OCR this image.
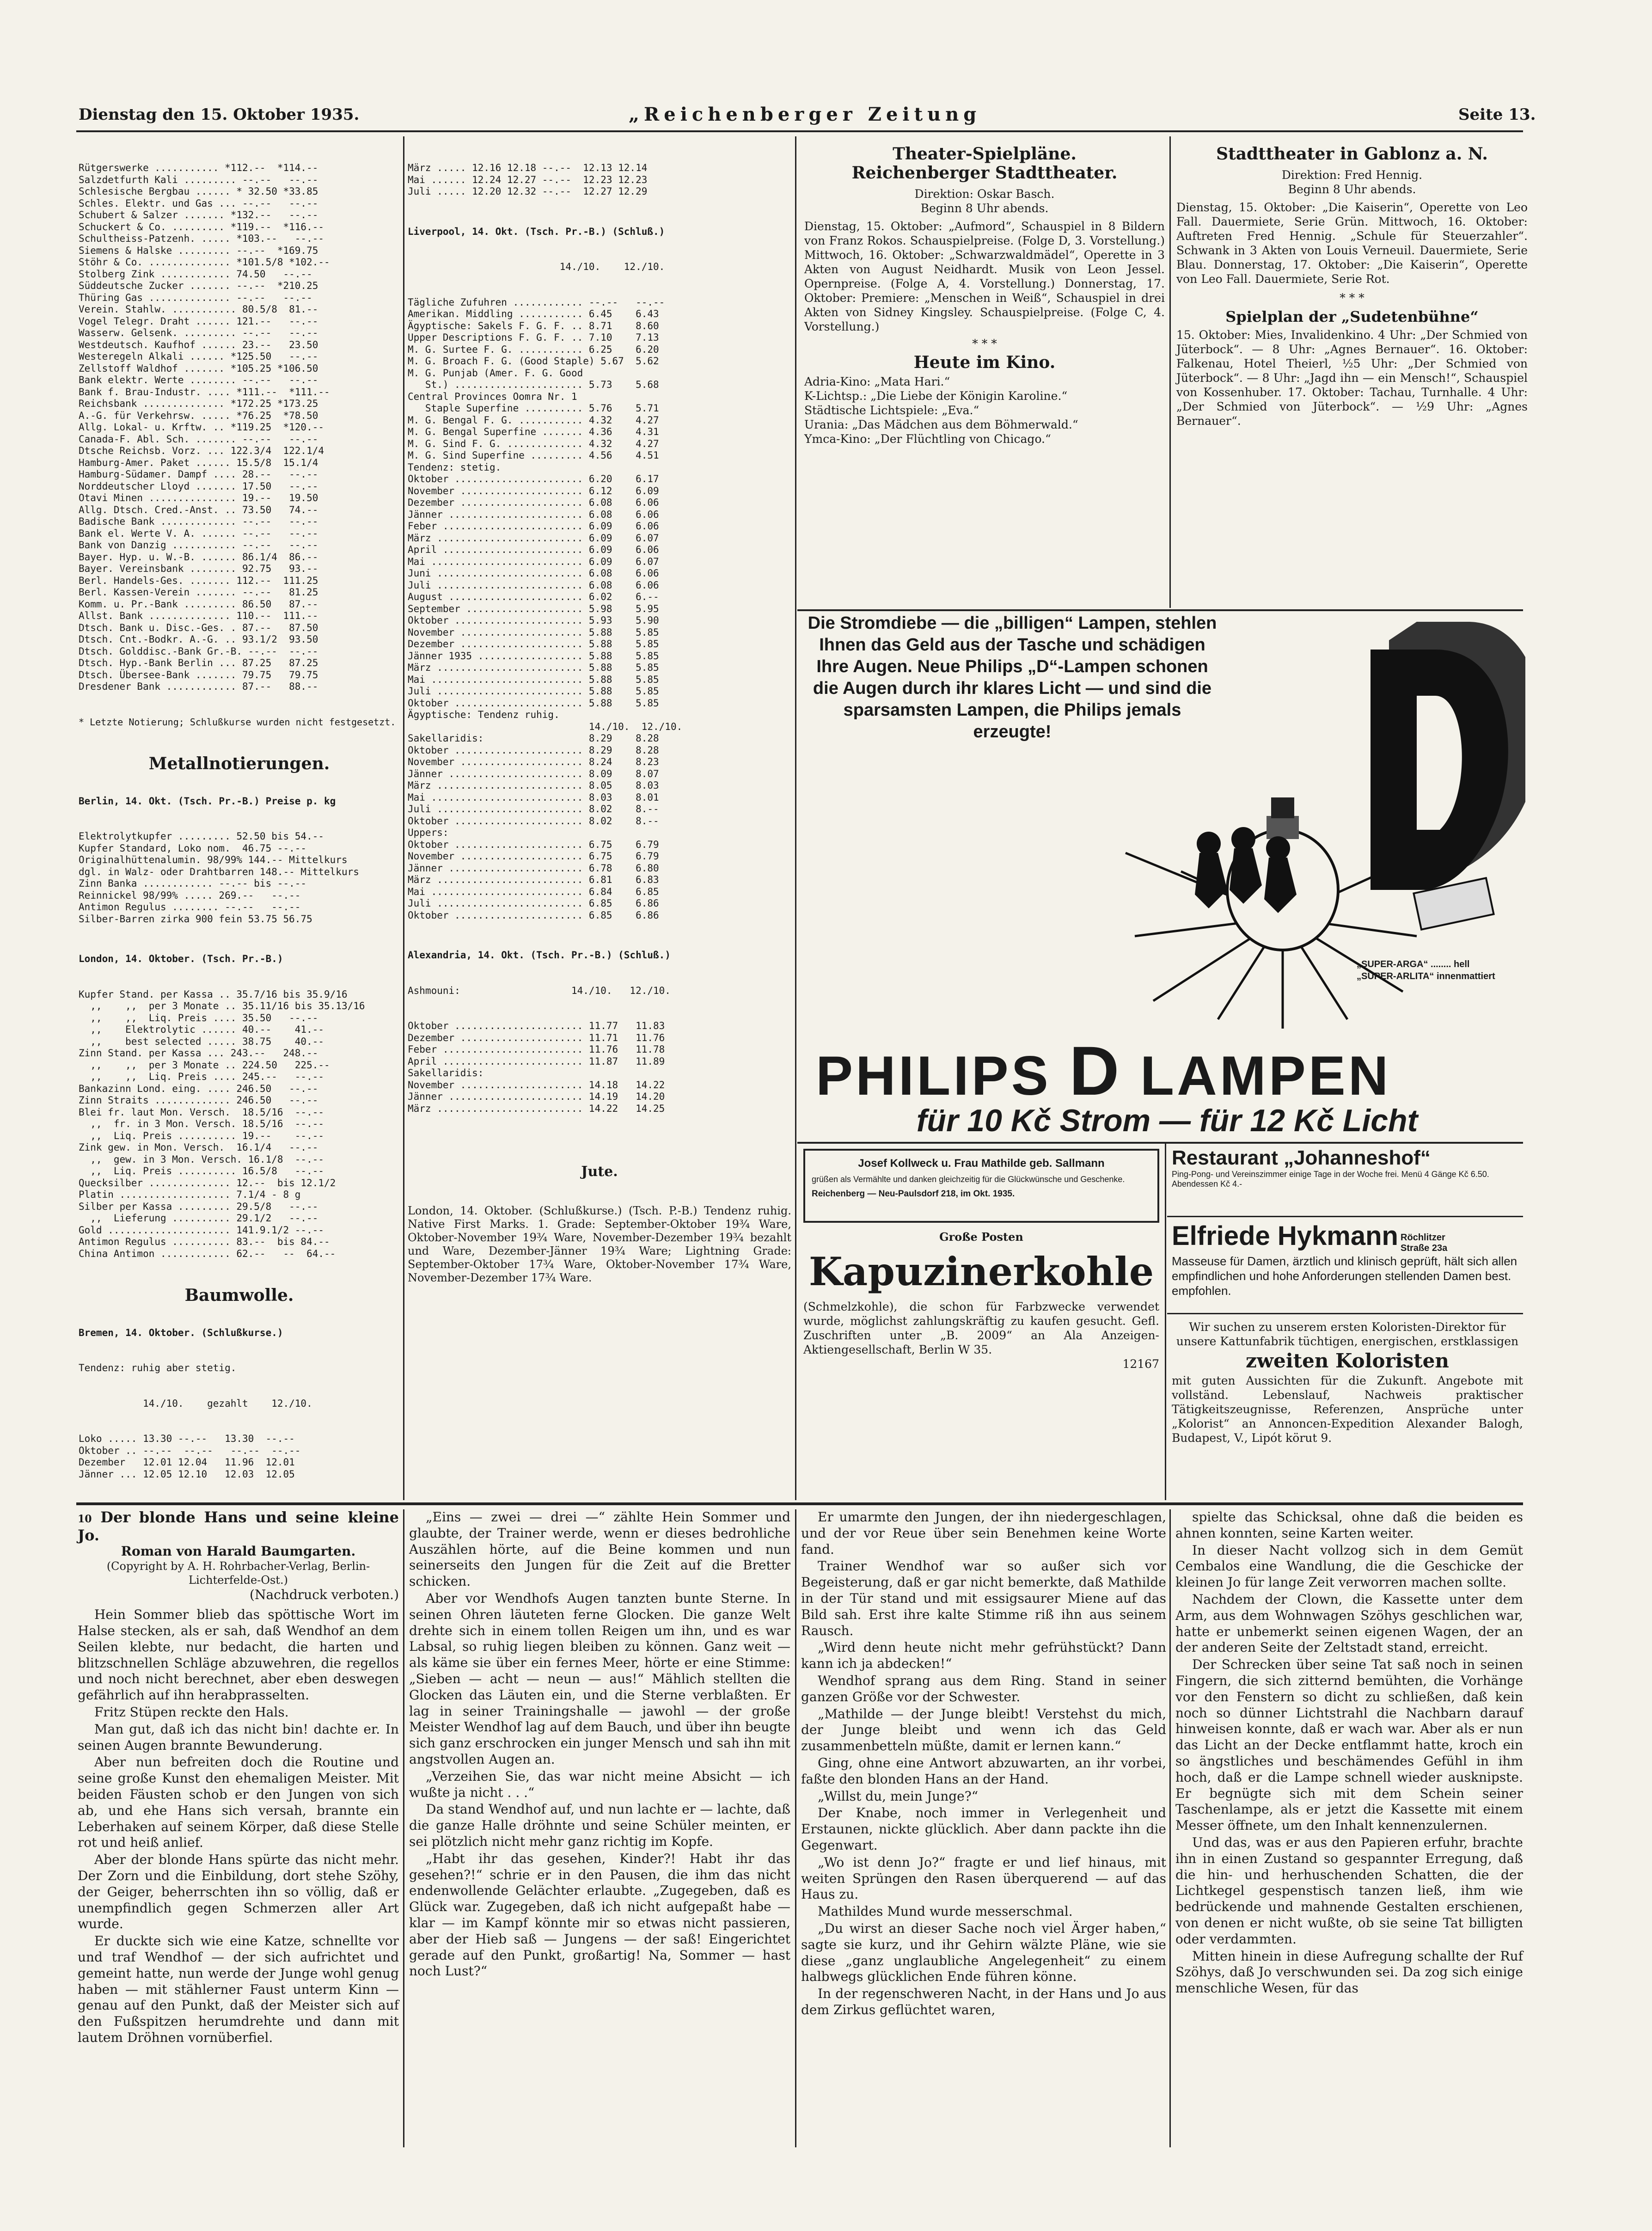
Dienstag den 15. Oktober 1935.	„Reichenberger Zeitung	Seite 13.

Rütgerswerke ........... *112.--  *114.--
Salzdetfurth Kali ......... --.--   --.--
Schlesische Bergbau ...... * 32.50 *33.85
Schles. Elektr. und Gas ... --.--   --.--
Schubert & Salzer ....... *132.--   --.--
Schuckert & Co. ......... *119.--  *116.--
Schultheiss-Patzenh. ..... *103.--   --.--
Siemens & Halske ......... --.--  *169.75
Stöhr & Co. .............. *101.5/8 *102.--
Stolberg Zink ............ 74.50   --.--
Süddeutsche Zucker ....... --.--  *210.25
Thüring Gas .............. --.--   --.--
Verein. Stahlw. ........... 80.5/8  81.--
Vogel Telegr. Draht ...... 121.--   --.--
Wasserw. Gelsenk. ......... --.--   --.--
Westdeutsch. Kaufhof ...... 23.--   23.50
Westeregeln Alkali ...... *125.50   --.--
Zellstoff Waldhof ....... *105.25 *106.50
Bank elektr. Werte ........ --.--   --.--
Bank f. Brau-Industr. .... *111.--  *111.--
Reichsbank .............. *172.25 *173.25
A.-G. für Verkehrsw. ..... *76.25  *78.50
Allg. Lokal- u. Krftw. .. *119.25  *120.--
Canada-F. Abl. Sch. ....... --.--   --.--
Dtsche Reichsb. Vorz. ... 122.3/4  122.1/4
Hamburg-Amer. Paket ...... 15.5/8  15.1/4
Hamburg-Südamer. Dampf .... 28.--   --.--
Norddeutscher Lloyd ....... 17.50   --.--
Otavi Minen ............... 19.--   19.50
Allg. Dtsch. Cred.-Anst. .. 73.50   74.--
Badische Bank ............. --.--   --.--
Bank el. Werte V. A. ...... --.--   --.--
Bank von Danzig ........... --.--   --.--
Bayer. Hyp. u. W.-B. ...... 86.1/4  86.--
Bayer. Vereinsbank ........ 92.75   93.--
Berl. Handels-Ges. ....... 112.--  111.25
Berl. Kassen-Verein ....... --.--   81.25
Komm. u. Pr.-Bank ......... 86.50   87.--
Allst. Bank .............. 110.--  111.--
Dtsch. Bank u. Disc.-Ges. . 87.--   87.50
Dtsch. Cnt.-Bodkr. A.-G. .. 93.1/2  93.50
Dtsch. Golddisc.-Bank Gr.-B. --.--  --.--
Dtsch. Hyp.-Bank Berlin ... 87.25   87.25
Dtsch. Übersee-Bank ....... 79.75   79.75
Dresdener Bank ............ 87.--   88.--

* Letzte Notierung; Schlußkurse wurden nicht festgesetzt.

Metallnotierungen.

Berlin, 14. Okt. (Tsch. Pr.-B.) Preise p. kg

Elektrolytkupfer ......... 52.50 bis 54.--
Kupfer Standard, Loko nom.  46.75 --.--
Originalhüttenalumin. 98/99% 144.-- Mittelkurs
dgl. in Walz- oder Drahtbarren 148.-- Mittelkurs
Zinn Banka ............ --.-- bis --.--
Reinnickel 98/99% ..... 269.--   --.--
Antimon Regulus ........ --.--   --.--
Silber-Barren zirka 900 fein 53.75 56.75

London, 14. Oktober. (Tsch. Pr.-B.)

Kupfer Stand. per Kassa .. 35.7/16 bis 35.9/16
,,    ,,  per 3 Monate .. 35.11/16 bis 35.13/16
,,    ,,  Liq. Preis .... 35.50   --.--
,,    Elektrolytic ...... 40.--    41.--
,,    best selected ..... 38.75    40.--
Zinn Stand. per Kassa ... 243.--   248.--
,,    ,,  per 3 Monate .. 224.50   225.--
,,    ,,  Liq. Preis .... 245.--   --.--
Bankazinn Lond. eing. .... 246.50   --.--
Zinn Straits ............. 246.50   --.--
Blei fr. laut Mon. Versch.  18.5/16  --.--
,,  fr. in 3 Mon. Versch. 18.5/16  --.--
,,  Liq. Preis .......... 19.--    --.--
Zink gew. in Mon. Versch.  16.1/4   --.--
,,  gew. in 3 Mon. Versch. 16.1/8  --.--
,,  Liq. Preis .......... 16.5/8   --.--
Quecksilber .............. 12.--  bis 12.1/2
Platin ................... 7.1/4 - 8 g
Silber per Kassa ......... 29.5/8   --.--
,,  Lieferung .......... 29.1/2   --.--
Gold ..................... 141.9.1/2 --.--
Antimon Regulus .......... 83.--  bis 84.--
China Antimon ............ 62.--   --  64.--

Baumwolle.

Bremen, 14. Oktober. (Schlußkurse.)

Tendenz: ruhig aber stetig.

14./10.    gezahlt    12./10.

Loko ..... 13.30 --.--   13.30  --.--
Oktober .. --.--  --.--   --.--  --.--
Dezember   12.01 12.04   11.96  12.01
Jänner ... 12.05 12.10   12.03  12.05

März ..... 12.16 12.18 --.--  12.13 12.14
Mai ...... 12.24 12.27 --.--  12.23 12.23
Juli ..... 12.20 12.32 --.--  12.27 12.29

Liverpool, 14. Okt. (Tsch. Pr.-B.) (Schluß.)

14./10.    12./10.

Tägliche Zufuhren ............ --.--   --.--
Amerikan. Middling ........... 6.45    6.43
Ägyptische: Sakels F. G. F. .. 8.71    8.60
Upper Descriptions F. G. F. .. 7.10    7.13
M. G. Surtee F. G. ........... 6.25    6.20
M. G. Broach F. G. (Good Staple) 5.67  5.62
M. G. Punjab (Amer. F. G. Good
St.) ...................... 5.73    5.68
Central Provinces Oomra Nr. 1
Staple Superfine .......... 5.76    5.71
M. G. Bengal F. G. ........... 4.32    4.27
M. G. Bengal Superfine ....... 4.36    4.31
M. G. Sind F. G. ............. 4.32    4.27
M. G. Sind Superfine ......... 4.56    4.51
Tendenz: stetig.
Oktober ...................... 6.20    6.17
November ..................... 6.12    6.09
Dezember ..................... 6.08    6.06
Jänner ....................... 6.08    6.06
Feber ........................ 6.09    6.06
März ......................... 6.09    6.07
April ........................ 6.09    6.06
Mai .......................... 6.09    6.07
Juni ......................... 6.08    6.06
Juli ......................... 6.08    6.06
August ....................... 6.02    6.--
September .................... 5.98    5.95
Oktober ...................... 5.93    5.90
November ..................... 5.88    5.85
Dezember ..................... 5.88    5.85
Jänner 1935 .................. 5.88    5.85
März ......................... 5.88    5.85
Mai .......................... 5.88    5.85
Juli ......................... 5.88    5.85
Oktober ...................... 5.88    5.85
Ägyptische: Tendenz ruhig.
14./10.  12./10.
Sakellaridis:                  8.29    8.28
Oktober ...................... 8.29    8.28
November ..................... 8.24    8.23
Jänner ....................... 8.09    8.07
März ......................... 8.05    8.03
Mai .......................... 8.03    8.01
Juli ......................... 8.02    8.--
Oktober ...................... 8.02    8.--
Uppers:
Oktober ...................... 6.75    6.79
November ..................... 6.75    6.79
Jänner ....................... 6.78    6.80
März ......................... 6.81    6.83
Mai .......................... 6.84    6.85
Juli ......................... 6.85    6.86
Oktober ...................... 6.85    6.86

Alexandria, 14. Okt. (Tsch. Pr.-B.) (Schluß.)

Ashmouni:                   14./10.   12./10.

Oktober ...................... 11.77   11.83
Dezember ..................... 11.71   11.76
Feber ........................ 11.76   11.78
April ........................ 11.87   11.89
Sakellaridis:
November ..................... 14.18   14.22
Jänner ....................... 14.19   14.20
März ......................... 14.22   14.25

Jute.

London, 14. Oktober. (Schlußkurse.) (Tsch. P.-B.) Tendenz ruhig. Native First Marks. 1. Grade: September-Oktober 19¾ Ware, Oktober-November 19¾ Ware, November-Dezember 19¾ bezahlt und Ware, Dezember-Jänner 19¾ Ware; Lightning Grade: September-Oktober 17¾ Ware, Oktober-November 17¾ Ware, November-Dezember 17¾ Ware.

Theater-Spielpläne.
Reichenberger Stadttheater.
Direktion: Oskar Basch.
Beginn 8 Uhr abends.
Dienstag, 15. Oktober: „Aufmord“, Schauspiel in 8 Bildern von Franz Rokos. Schauspielpreise. (Folge D, 3. Vorstellung.) Mittwoch, 16. Oktober: „Schwarzwaldmädel“, Operette in 3 Akten von August Neidhardt. Musik von Leon Jessel. Opernpreise. (Folge A, 4. Vorstellung.) Donnerstag, 17. Oktober: Premiere: „Menschen in Weiß“, Schauspiel in drei Akten von Sidney Kingsley. Schauspielpreise. (Folge C, 4. Vorstellung.)
* * *
Heute im Kino.
Adria-Kino: „Mata Hari.“
K-Lichtsp.: „Die Liebe der Königin Karoline.“
Städtische Lichtspiele: „Eva.“
Urania: „Das Mädchen aus dem Böhmerwald.“
Ymca-Kino: „Der Flüchtling von Chicago.“
Stadttheater in Gablonz a. N.
Direktion: Fred Hennig.
Beginn 8 Uhr abends.
Dienstag, 15. Oktober: „Die Kaiserin“, Operette von Leo Fall. Dauermiete, Serie Grün. Mittwoch, 16. Oktober: Auftreten Fred Hennig. „Schule für Steuerzahler“. Schwank in 3 Akten von Louis Verneuil. Dauermiete, Serie Blau. Donnerstag, 17. Oktober: „Die Kaiserin“, Operette von Leo Fall. Dauermiete, Serie Rot.
* * *
Spielplan der „Sudetenbühne“
15. Oktober: Mies, Invalidenkino. 4 Uhr: „Der Schmied von Jüterbock“. — 8 Uhr: „Agnes Bernauer“. 16. Oktober: Falkenau, Hotel Theierl, ½5 Uhr: „Der Schmied von Jüterbock“. — 8 Uhr: „Jagd ihn — ein Mensch!“, Schauspiel von Kossenhuber. 17. Oktober: Tachau, Turnhalle. 4 Uhr: „Der Schmied von Jüterbock“. — ½9 Uhr: „Agnes Bernauer“.
Die Stromdiebe — die „billigen“ Lampen, stehlen Ihnen das Geld aus der Tasche und schädigen Ihre Augen. Neue Philips „D“-Lampen schonen die Augen durch ihr klares Licht — und sind die sparsamsten Lampen, die Philips jemals erzeugte!
„SUPER-ARGA“ ........ hell
„SUPER-ARLITA“ innenmattiert
PHILIPS D LAMPEN
für 10 Kč Strom — für 12 Kč Licht
Josef Kollweck u. Frau Mathilde geb. Sallmann
grüßen als Vermählte und danken gleichzeitig für die Glückwünsche und Geschenke.
Reichenberg — Neu-Paulsdorf 218, im Okt. 1935.
Große Posten
Kapuzinerkohle
(Schmelzkohle), die schon für Farbzwecke verwendet wurde, möglichst zahlungskräftig zu kaufen gesucht. Gefl. Zuschriften unter „B. 2009“ an Ala Anzeigen-Aktiengesellschaft, Berlin W 35.
12167
Restaurant „Johanneshof“
Ping-Pong- und Vereinszimmer einige Tage in der Woche frei. Menü 4 Gänge Kč 6.50. Abendessen Kč 4.-
Elfriede Hykmann Röchlitzer Straße 23a
Masseuse für Damen, ärztlich und klinisch geprüft, hält sich allen empfindlichen und hohe Anforderungen stellenden Damen best. empfohlen.
Wir suchen zu unserem ersten Koloristen-Direktor für unsere Kattunfabrik tüchtigen, energischen, erstklassigen
zweiten Koloristen
mit guten Aussichten für die Zukunft. Angebote mit vollständ. Lebenslauf, Nachweis praktischer Tätigkeitszeugnisse, Referenzen, Ansprüche unter „Kolorist“ an Annoncen-Expedition Alexander Balogh, Budapest, V., Lipót körut 9.
10 Der blonde Hans und seine kleine Jo.
Roman von Harald Baumgarten.
(Copyright by A. H. Rohrbacher-Verlag, Berlin-Lichterfelde-Ost.)
(Nachdruck verboten.)

Hein Sommer blieb das spöttische Wort im Halse stecken, als er sah, daß Wendhof an dem Seilen klebte, nur bedacht, die harten und blitzschnellen Schläge abzuwehren, die regellos und noch nicht berechnet, aber eben deswegen gefährlich auf ihn herabprasselten.

Fritz Stüpen reckte den Hals.

Man gut, daß ich das nicht bin! dachte er. In seinen Augen brannte Bewunderung.

Aber nun befreiten doch die Routine und seine große Kunst den ehemaligen Meister. Mit beiden Fäusten schob er den Jungen von sich ab, und ehe Hans sich versah, brannte ein Leberhaken auf seinem Körper, daß diese Stelle rot und heiß anlief.

Aber der blonde Hans spürte das nicht mehr. Der Zorn und die Einbildung, dort stehe Szöhy, der Geiger, beherrschten ihn so völlig, daß er unempfindlich gegen Schmerzen aller Art wurde.

Er duckte sich wie eine Katze, schnellte vor und traf Wendhof — der sich aufrichtet und gemeint hatte, nun werde der Junge wohl genug haben — mit stählerner Faust unterm Kinn — genau auf den Punkt, daß der Meister sich auf den Fußspitzen herumdrehte und dann mit lautem Dröhnen vornüberfiel.

„Eins — zwei — drei —“ zählte Hein Sommer und glaubte, der Trainer werde, wenn er dieses bedrohliche Auszählen hörte, auf die Beine kommen und nun seinerseits den Jungen für die Zeit auf die Bretter schicken.

Aber vor Wendhofs Augen tanzten bunte Sterne. In seinen Ohren läuteten ferne Glocken. Die ganze Welt drehte sich in einem tollen Reigen um ihn, und es war Labsal, so ruhig liegen bleiben zu können. Ganz weit — als käme sie über ein fernes Meer, hörte er eine Stimme: „Sieben — acht — neun — aus!“ Mählich stellten die Glocken das Läuten ein, und die Sterne verblaßten. Er lag in seiner Trainingshalle — jawohl — der große Meister Wendhof lag auf dem Bauch, und über ihn beugte sich ganz erschrocken ein junger Mensch und sah ihn mit angstvollen Augen an.

„Verzeihen Sie, das war nicht meine Absicht — ich wußte ja nicht . . .“

Da stand Wendhof auf, und nun lachte er — lachte, daß die ganze Halle dröhnte und seine Schüler meinten, er sei plötzlich nicht mehr ganz richtig im Kopfe.

„Habt ihr das gesehen, Kinder?! Habt ihr das gesehen?!“ schrie er in den Pausen, die ihm das nicht endenwollende Gelächter erlaubte. „Zugegeben, daß es Glück war. Zugegeben, daß ich nicht aufgepaßt habe — klar — im Kampf könnte mir so etwas nicht passieren, aber der Hieb saß — Jungens — der saß! Eingerichtet gerade auf den Punkt, großartig! Na, Sommer — hast noch Lust?“

Er umarmte den Jungen, der ihn niedergeschlagen, und der vor Reue über sein Benehmen keine Worte fand.

Trainer Wendhof war so außer sich vor Begeisterung, daß er gar nicht bemerkte, daß Mathilde in der Tür stand und mit essigsaurer Miene auf das Bild sah. Erst ihre kalte Stimme riß ihn aus seinem Rausch.

„Wird denn heute nicht mehr gefrühstückt? Dann kann ich ja abdecken!“

Wendhof sprang aus dem Ring. Stand in seiner ganzen Größe vor der Schwester.

„Mathilde — der Junge bleibt! Verstehst du mich, der Junge bleibt und wenn ich das Geld zusammenbetteln müßte, damit er lernen kann.“

Ging, ohne eine Antwort abzuwarten, an ihr vorbei, faßte den blonden Hans an der Hand.

„Willst du, mein Junge?“

Der Knabe, noch immer in Verlegenheit und Erstaunen, nickte glücklich. Aber dann packte ihn die Gegenwart.

„Wo ist denn Jo?“ fragte er und lief hinaus, mit weiten Sprüngen den Rasen überquerend — auf das Haus zu.

Mathildes Mund wurde messerschmal.

„Du wirst an dieser Sache noch viel Ärger haben,“ sagte sie kurz, und ihr Gehirn wälzte Pläne, wie sie diese „ganz unglaubliche Angelegenheit“ zu einem halbwegs glücklichen Ende führen könne.

In der regenschweren Nacht, in der Hans und Jo aus dem Zirkus geflüchtet waren,

spielte das Schicksal, ohne daß die beiden es ahnen konnten, seine Karten weiter.

In dieser Nacht vollzog sich in dem Gemüt Cembalos eine Wandlung, die die Geschicke der kleinen Jo für lange Zeit verworren machen sollte.

Nachdem der Clown, die Kassette unter dem Arm, aus dem Wohnwagen Szöhys geschlichen war, hatte er unbemerkt seinen eigenen Wagen, der an der anderen Seite der Zeltstadt stand, erreicht.

Der Schrecken über seine Tat saß noch in seinen Fingern, die sich zitternd bemühten, die Vorhänge vor den Fenstern so dicht zu schließen, daß kein noch so dünner Lichtstrahl die Nachbarn darauf hinweisen konnte, daß er wach war. Aber als er nun das Licht an der Decke entflammt hatte, kroch ein so ängstliches und beschämendes Gefühl in ihm hoch, daß er die Lampe schnell wieder ausknipste. Er begnügte sich mit dem Schein seiner Taschenlampe, als er jetzt die Kassette mit einem Messer öffnete, um den Inhalt kennenzulernen.

Und das, was er aus den Papieren erfuhr, brachte ihn in einen Zustand so gespannter Erregung, daß die hin- und herhuschenden Schatten, die der Lichtkegel gespenstisch tanzen ließ, ihm wie bedrückende und mahnende Gestalten erschienen, von denen er nicht wußte, ob sie seine Tat billigten oder verdammten.

Mitten hinein in diese Aufregung schallte der Ruf Szöhys, daß Jo verschwunden sei. Da zog sich einige menschliche Wesen, für das
